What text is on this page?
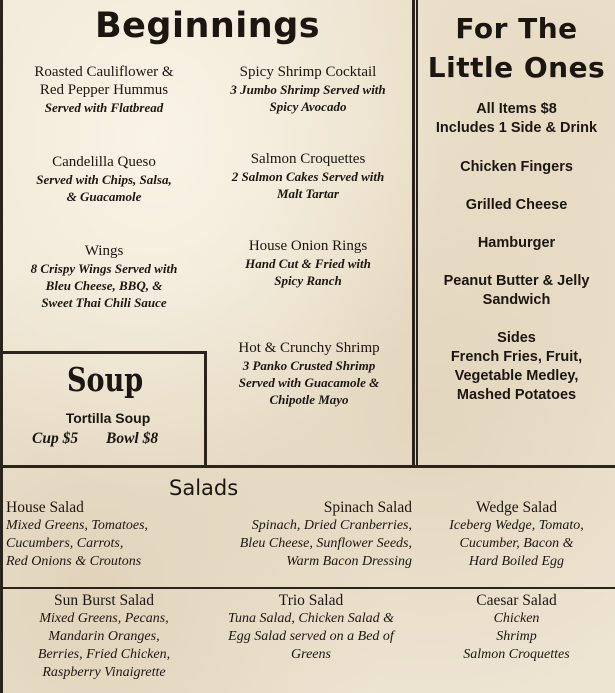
Beginnings
Roasted Cauliflower &
Red Pepper Hummus
Served with Flatbread
Spicy Shrimp Cocktail
3 Jumbo Shrimp Served with
Spicy Avocado
Candelilla Queso
Served with Chips, Salsa,
& Guacamole
Salmon Croquettes
2 Salmon Cakes Served with
Malt Tartar
Wings
8 Crispy Wings Served with
Bleu Cheese, BBQ, &
Sweet Thai Chili Sauce
House Onion Rings
Hand Cut & Fried with
Spicy Ranch
Hot & Crunchy Shrimp
3 Panko Crusted Shrimp
Served with Guacamole &
Chipotle Mayo
Soup
Tortilla Soup
Cup $5 Bowl $8
For The
Little Ones
All Items $8
Includes 1 Side & Drink
Chicken Fingers
Grilled Cheese
Hamburger
Peanut Butter & Jelly
Sandwich
Sides
French Fries, Fruit,
Vegetable Medley,
Mashed Potatoes
Salads
House Salad
Mixed Greens, Tomatoes,
Cucumbers, Carrots,
Red Onions & Croutons
Spinach Salad
Spinach, Dried Cranberries,
Bleu Cheese, Sunflower Seeds,
Warm Bacon Dressing
Wedge Salad
Iceberg Wedge, Tomato,
Cucumber, Bacon &
Hard Boiled Egg
Sun Burst Salad
Mixed Greens, Pecans,
Mandarin Oranges,
Berries, Fried Chicken,
Raspberry Vinaigrette
Trio Salad
Tuna Salad, Chicken Salad &
Egg Salad served on a Bed of
Greens
Caesar Salad
Chicken
Shrimp
Salmon Croquettes
